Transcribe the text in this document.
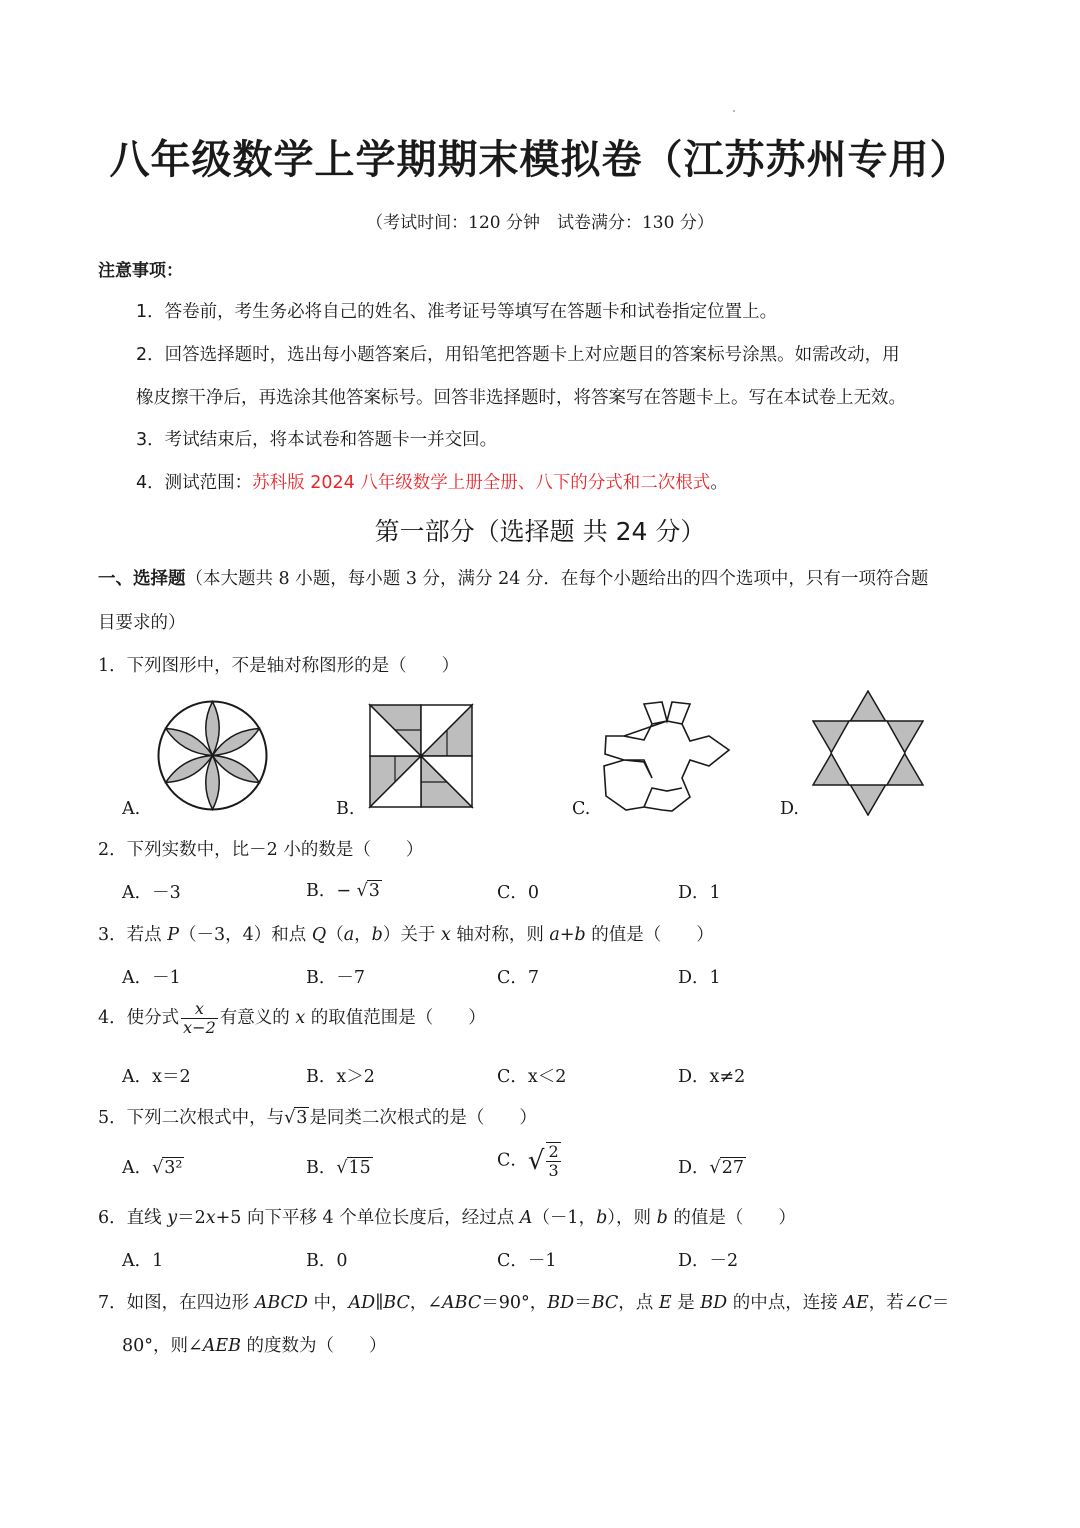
八年级数学上学期期末模拟卷（江苏苏州专用）
（考试时间：120 分钟　试卷满分：130 分）
注意事项：
1．答卷前，考生务必将自己的姓名、准考证号等填写在答题卡和试卷指定位置上。
2．回答选择题时，选出每小题答案后，用铅笔把答题卡上对应题目的答案标号涂黑。如需改动，用
橡皮擦干净后，再选涂其他答案标号。回答非选择题时，将答案写在答题卡上。写在本试卷上无效。
3．考试结束后，将本试卷和答题卡一并交回。
4．测试范围：苏科版 2024 八年级数学上册全册、八下的分式和二次根式。
第一部分（选择题 共 24 分）
一、选择题（本大题共 8 小题，每小题 3 分，满分 24 分．在每个小题给出的四个选项中，只有一项符合题
目要求的）
1．下列图形中，不是轴对称图形的是（　　）
A.	B.	C.	D.
2．下列实数中，比－2 小的数是（　　）
A．－3	B．− √3	C．0	D．1
3．若点 P（－3，4）和点 Q（a，b）关于 x 轴对称，则 a+b 的值是（　　）
A．－1	B．－7	C．7	D．1
4．使分式 $\frac{x}{x-2}$ 有意义的 x 的取值范围是（　　）
A．x＝2	B．x＞2	C．x＜2	D．x≠2
5．下列二次根式中，与√3 是同类二次根式的是（　　）
A．√3²	B．√15	C．√ $\frac{2}{3}$	D．√27
6．直线 y＝2x+5 向下平移 4 个单位长度后，经过点 A（－1，b），则 b 的值是（　　）
A．1	B．0	C．－1	D．－2
7．如图，在四边形 ABCD 中，AD∥BC，∠ABC＝90°，BD＝BC，点 E 是 BD 的中点，连接 AE，若∠C＝
80°，则∠AEB 的度数为（　　）
